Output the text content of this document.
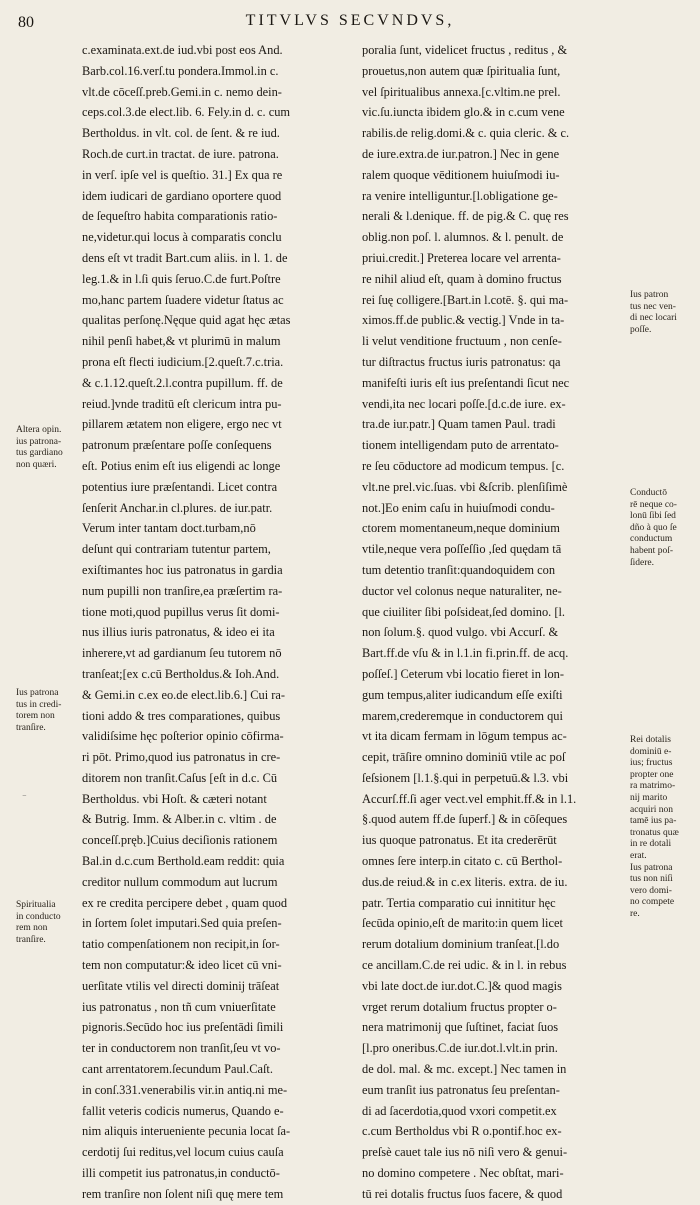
80	TITVLVS SECVNDVS,
c.examinata.ext.de iud.vbi post eos And.
Barb.col.16.verſ.tu pondera.Immol.in c.
vlt.de cōceſſ.preb.Gemi.in c. nemo dein-
ceps.col.3.de elect.lib. 6. Fely.in d. c. cum
Bertholdus. in vlt. col. de ſent. & re iud.
Roch.de curt.in tractat. de iure. patrona.
in verſ. ipſe vel is queſtio. 31.] Ex qua re
idem iudicari de gardiano oportere quod
de ſequeſtro habita comparationis ratio-
ne,videtur.qui locus à comparatis conclu
dens eſt vt tradit Bart.cum aliis. in l. 1. de
leg.1.& in l.ſi quis ſeruo.C.de furt.Poſtre
mo,hanc partem ſuadere videtur ſtatus ac
qualitas perſonę.Nęque quid agat hęc ætas
nihil penſi habet,& vt plurimū in malum
prona eſt flecti iudicium.[2.queſt.7.c.tria.
& c.1.12.queſt.2.l.contra pupillum. ff. de
reiud.]vnde traditū eſt clericum intra pu-
pillarem ætatem non eligere, ergo nec vt
patronum præſentare poſſe conſequens
eſt. Potius enim eſt ius eligendi ac longe
potentius iure præſentandi. Licet contra
ſenſerit Anchar.in cl.plures. de iur.patr.
Verum inter tantam doct.turbam,nō
deſunt qui contrariam tutentur partem,
exiſtimantes hoc ius patronatus in gardia
num pupilli non tranſire,ea præſertim ra-
tione moti,quod pupillus verus ſit domi-
nus illius iuris patronatus, & ideo ei ita
inherere,vt ad gardianum ſeu tutorem nō
tranſeat;[ex c.cū Bertholdus.& Ioh.And.
& Gemi.in c.ex eo.de elect.lib.6.] Cui ra-
tioni addo & tres comparationes, quibus
validiſsime hęc poſterior opinio cōfirma-
ri pōt. Primo,quod ius patronatus in cre-
ditorem non tranſit.Caſus [eſt in d.c. Cū
Bertholdus. vbi Hoſt. & cæteri notant
& Butrig. Imm. & Alber.in c. vltim . de
conceſſ.pręb.]Cuius deciſionis rationem
Bal.in d.c.cum Berthold.eam reddit: quia
creditor nullum commodum aut lucrum
ex re credita percipere debet , quam quod
in ſortem ſolet imputari.Sed quia preſen-
tatio compenſationem non recipit,in ſor-
tem non computatur:& ideo licet cū vni-
uerſitate vtilis vel directi dominij trāſeat
ius patronatus , non tñ cum vniuerſitate
pignoris.Secūdo hoc ius preſentādi ſimili
ter in conductorem non tranſit,ſeu vt vo-
cant arrentatorem.ſecundum Paul.Caſt.
in conſ.331.venerabilis vir.in antiq.ni me-
fallit veteris codicis numerus, Quando e-
nim aliquis interueniente pecunia locat ſa-
cerdotij ſui reditus,vel locum cuius cauſa
illi competit ius patronatus,in conductō-
rem tranſire non ſolent niſi quę mere tem
poralia ſunt, videlicet fructus , reditus , &
prouetus,non autem quæ ſpiritualia ſunt,
vel ſpiritualibus annexa.[c.vltim.ne prel.
vic.ſu.iuncta ibidem glo.& in c.cum vene
rabilis.de relig.domi.& c. quia cleric. & c.
de iure.extra.de iur.patron.] Nec in gene
ralem quoque vēditionem huiuſmodi iu-
ra venire intelliguntur.[l.obligatione ge-
nerali & l.denique. ff. de pig.& C. quę res
oblig.non poſ. l. alumnos. & l. penult. de
priui.credit.] Preterea locare vel arrenta-
re nihil aliud eſt, quam à domino fructus
rei ſuę colligere.[Bart.in l.cotē. §. qui ma-
ximos.ff.de public.& vectig.] Vnde in ta-
li velut venditione fructuum , non cenſe-
tur diſtractus fructus iuris patronatus: qa
manifeſti iuris eſt ius preſentandi ſicut nec
vendi,ita nec locari poſſe.[d.c.de iure. ex-
tra.de iur.patr.] Quam tamen Paul. tradi
tionem intelligendam puto de arrentato-
re ſeu cōductore ad modicum tempus. [c.
vlt.ne prel.vic.ſuas. vbi &ſcrib. plenſiſimè
not.]Eo enim caſu in huiuſmodi condu-
ctorem momentaneum,neque dominium
vtile,neque vera poſſeſſio ,ſed quędam tā
tum detentio tranſit:quandoquidem con
ductor vel colonus neque naturaliter, ne-
que ciuiliter ſibi poſsideat,ſed domino. [l.
non ſolum.§. quod vulgo. vbi Accurſ. &
Bart.ff.de vſu & in l.1.in fi.prin.ff. de acq.
poſſeſ.] Ceterum vbi locatio fieret in lon-
gum tempus,aliter iudicandum eſſe exiſti
marem,crederemque in conductorem qui
vt ita dicam fermam in lōgum tempus ac-
cepit, trāſire omnino dominiū vtile ac poſ
ſeſsionem [l.1.§.qui in perpetuū.& l.3. vbi
Accurſ.ff.ſi ager vect.vel emphit.ff.& in l.1.
§.quod autem ff.de ſuperf.] & in cōſeques
ius quoque patronatus. Et ita crederērūt
omnes ſere interp.in citato c. cū Berthol-
dus.de reiud.& in c.ex literis. extra. de iu.
patr. Tertia comparatio cui innititur hęc
ſecūda opinio,eſt de marito:in quem licet
rerum dotalium dominium tranſeat.[l.do
ce ancillam.C.de rei udic. & in l. in rebus
vbi late doct.de iur.dot.C.]& quod magis
vrget rerum dotalium fructus propter o-
nera matrimonij que ſuſtinet, faciat ſuos
[l.pro oneribus.C.de iur.dot.l.vlt.in prin.
de dol. mal. & mc. except.] Nec tamen in
eum tranſit ius patronatus ſeu preſentan-
di ad ſacerdotia,quod vxori competit.ex
c.cum Bertholdus vbi R o.pontif.hoc ex-
preſsè cauet tale ius nō niſi vero & genui-
no domino competere . Nec obſtat, mari-
tū rei dotalis fructus ſuos facere, & quod
Altera opin.
ius patrona-
tus gardiano
non quæri.
Ius patrona
tus in credi-
torem non
tranſire.
Spiritualia
in conducto
rem non
tranſire.
Ius patron
tus nec ven-
di nec locari
poſſe.
Conductō
rē neque co-
lonū ſibi ſed
dño à quo ſe
conductum
habent poſ-
ſidere.
Rei dotalis
dominiū e-
ius; fructus
propter one
ra matrimo-
nij marito
acquiri non
tamē ius pa-
tronatus quæ
in re dotali
erat.
Ius patrona
tus non niſi
vero domi-
no compete
re.
⁻
